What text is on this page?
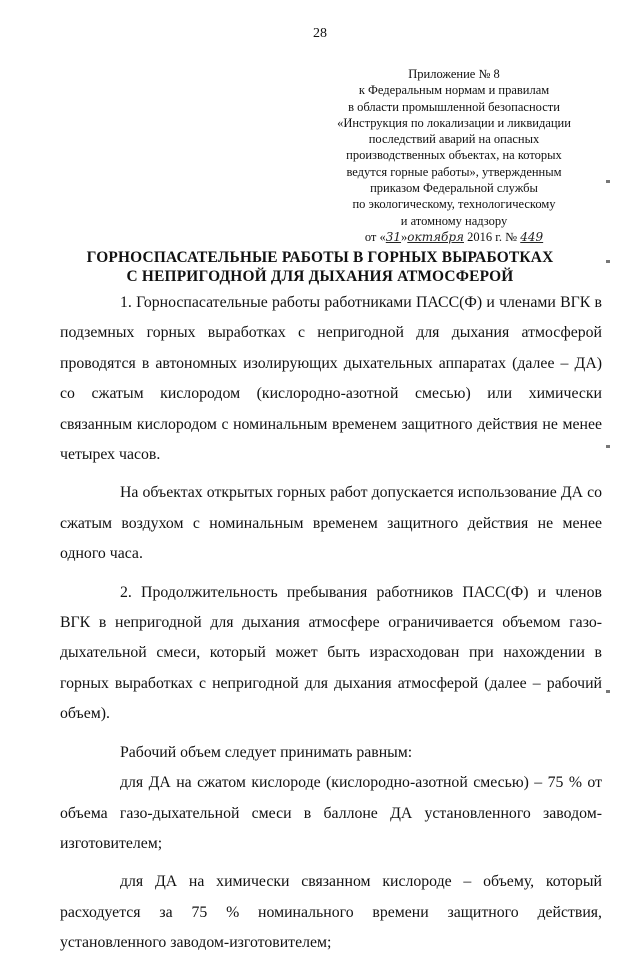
28
Приложение № 8
к Федеральным нормам и правилам
в области промышленной безопасности
«Инструкция по локализации и ликвидации
последствий аварий на опасных
производственных объектах, на которых
ведутся горные работы», утвержденным
приказом Федеральной службы
по экологическому, технологическому
и атомному надзору
от «31»октября 2016 г. № 449
ГОРНОСПАСАТЕЛЬНЫЕ РАБОТЫ В ГОРНЫХ ВЫРАБОТКАХ
С НЕПРИГОДНОЙ ДЛЯ ДЫХАНИЯ АТМОСФЕРОЙ

1. Горноспасательные работы работниками ПАСС(Ф) и членами ВГК в подземных горных выработках с непригодной для дыхания атмосферой проводятся в автономных изолирующих дыхательных аппаратах (далее – ДА) со сжатым кислородом (кислородно-азотной смесью) или химически связанным кислородом с номинальным временем защитного действия не менее четырех часов.

На объектах открытых горных работ допускается использование ДА со сжатым воздухом с номинальным временем защитного действия не менее одного часа.

2. Продолжительность пребывания работников ПАСС(Ф) и членов ВГК в непригодной для дыхания атмосфере ограничивается объемом газо-дыхательной смеси, который может быть израсходован при нахождении в горных выработках с непригодной для дыхания атмосферой (далее – рабочий объем).

Рабочий объем следует принимать равным:

для ДА на сжатом кислороде (кислородно-азотной смесью) – 75 % от объема газо-дыхательной смеси в баллоне ДА установленного заводом-изготовителем;

для ДА на химически связанном кислороде – объему, который расходуется за 75 % номинального времени защитного действия, установленного заводом-изготовителем;
